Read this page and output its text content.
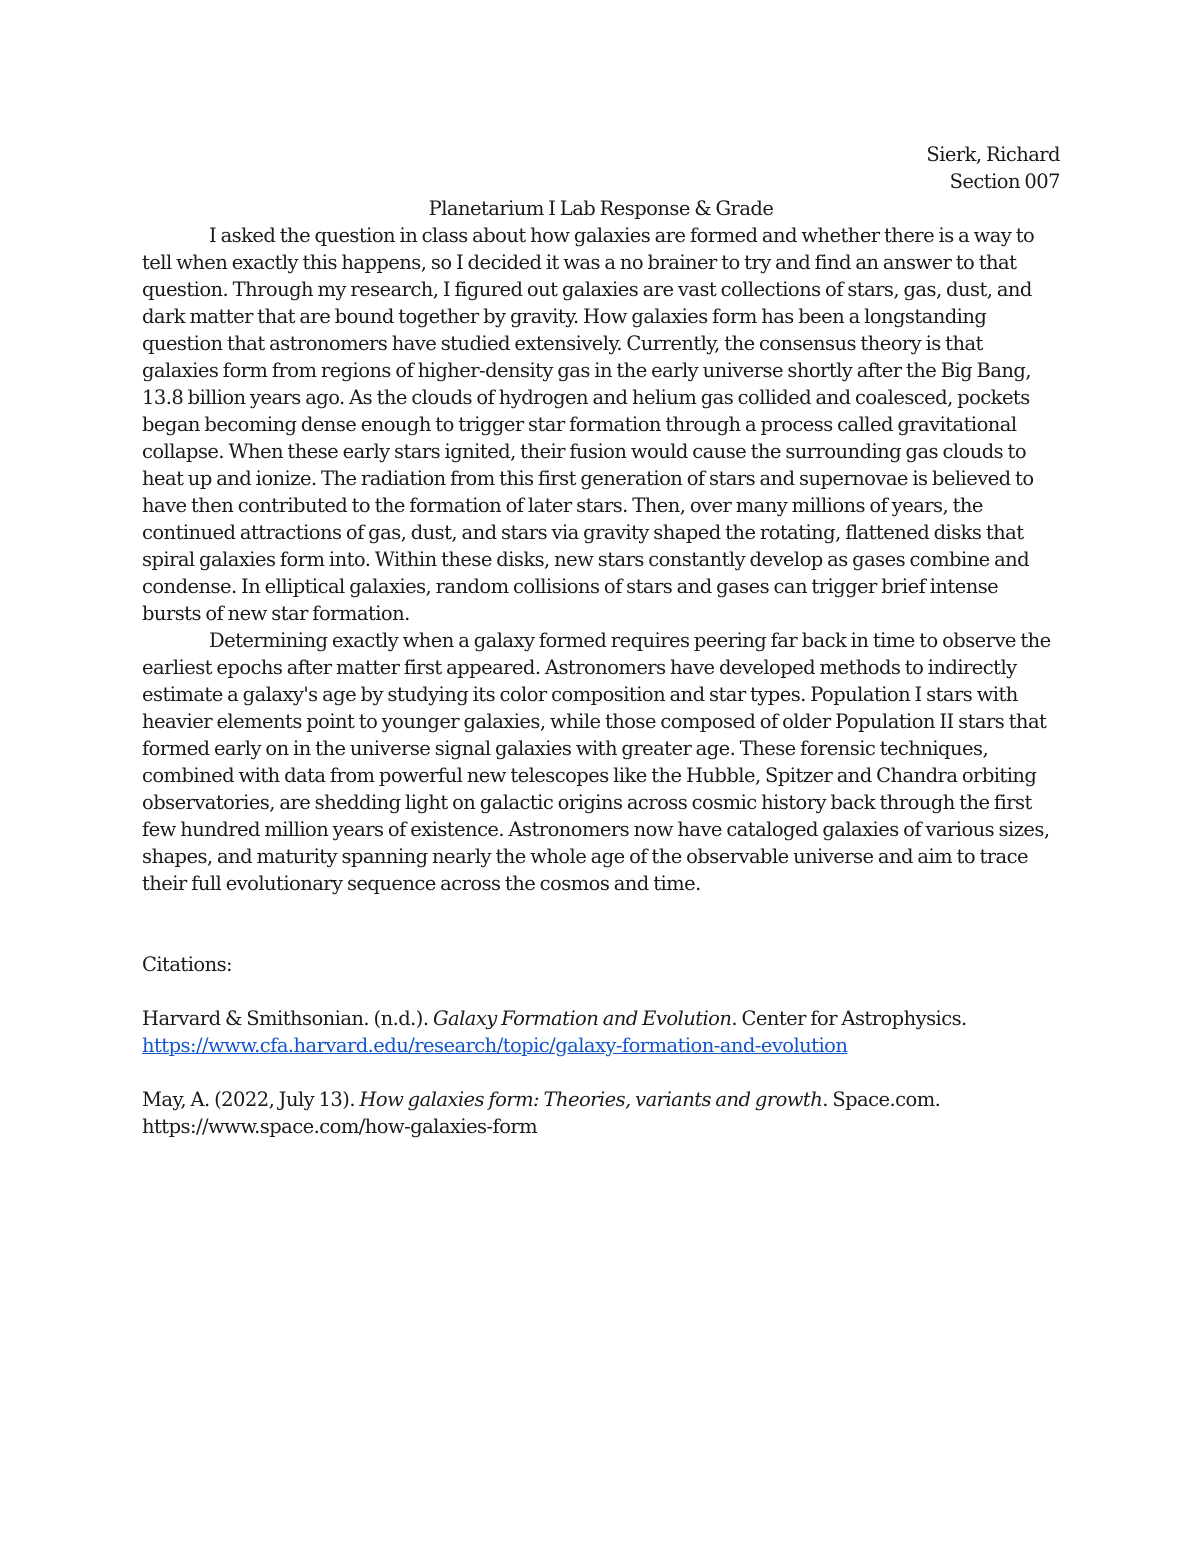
Sierk, Richard
Section 007
Planetarium I Lab Response & Grade

I asked the question in class about how galaxies are formed and whether there is a way to tell when exactly this happens, so I decided it was a no brainer to try and find an answer to that question. Through my research, I figured out galaxies are vast collections of stars, gas, dust, and dark matter that are bound together by gravity. How galaxies form has been a longstanding question that astronomers have studied extensively. Currently, the consensus theory is that galaxies form from regions of higher-density gas in the early universe shortly after the Big Bang, 13.8 billion years ago. As the clouds of hydrogen and helium gas collided and coalesced, pockets began becoming dense enough to trigger star formation through a process called gravitational collapse. When these early stars ignited, their fusion would cause the surrounding gas clouds to heat up and ionize. The radiation from this first generation of stars and supernovae is believed to have then contributed to the formation of later stars. Then, over many millions of years, the continued attractions of gas, dust, and stars via gravity shaped the rotating, flattened disks that spiral galaxies form into. Within these disks, new stars constantly develop as gases combine and condense. In elliptical galaxies, random collisions of stars and gases can trigger brief intense bursts of new star formation.

Determining exactly when a galaxy formed requires peering far back in time to observe the earliest epochs after matter first appeared. Astronomers have developed methods to indirectly estimate a galaxy's age by studying its color composition and star types. Population I stars with heavier elements point to younger galaxies, while those composed of older Population II stars that formed early on in the universe signal galaxies with greater age. These forensic techniques, combined with data from powerful new telescopes like the Hubble, Spitzer and Chandra orbiting observatories, are shedding light on galactic origins across cosmic history back through the first few hundred million years of existence. Astronomers now have cataloged galaxies of various sizes, shapes, and maturity spanning nearly the whole age of the observable universe and aim to trace their full evolutionary sequence across the cosmos and time.

Citations:
Harvard & Smithsonian. (n.d.). Galaxy Formation and Evolution. Center for Astrophysics.
https://www.cfa.harvard.edu/research/topic/galaxy-formation-and-evolution
May, A. (2022, July 13). How galaxies form: Theories, variants and growth. Space.com.
https://www.space.com/how-galaxies-form
